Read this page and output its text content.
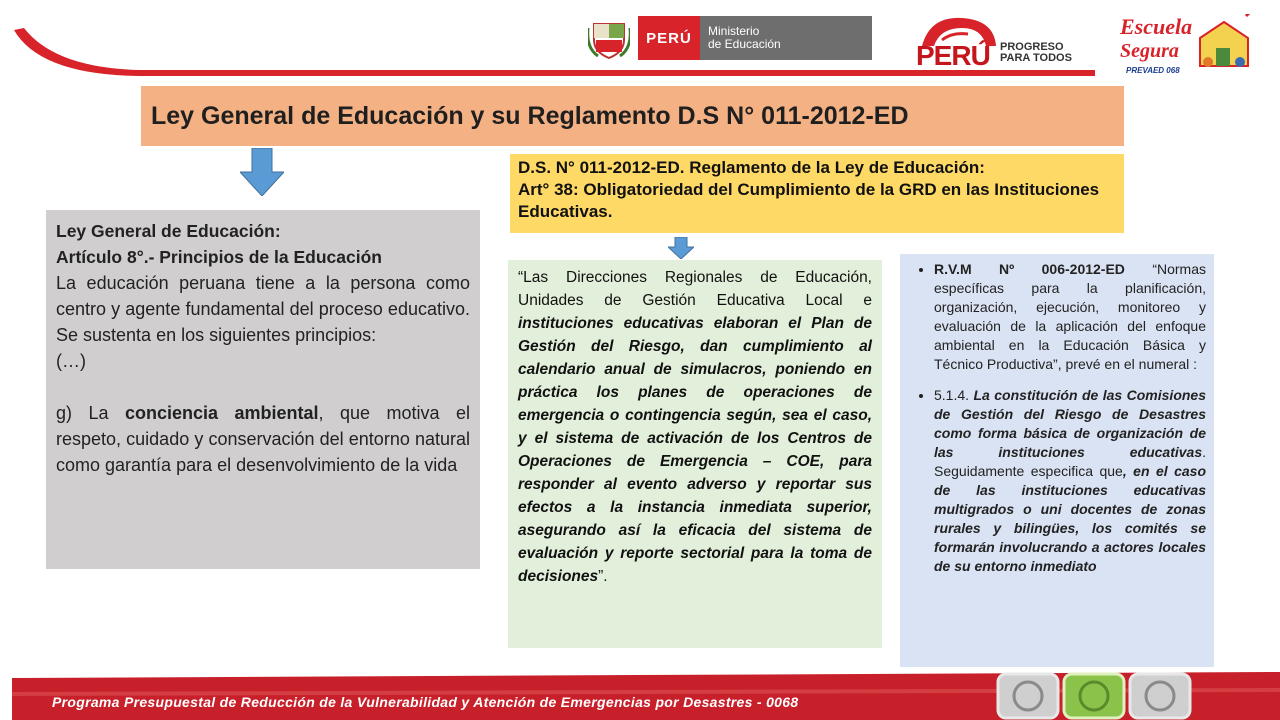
PERÚ	Ministerio
de Educación	PERÚ PROGRESO
PARA TODOS
Escuela
Segura
PREVAED 068
Ley General de Educación y su Reglamento D.S N° 011-2012-ED
D.S. N° 011-2012-ED. Reglamento de la Ley de Educación:
Art° 38: Obligatoriedad del Cumplimiento de la GRD en las Instituciones Educativas.

Ley General de Educación:

Artículo 8°.- Principios de la Educación

La educación peruana tiene a la persona como centro y agente fundamental del proceso educativo. Se sustenta en los siguientes principios:

(…)

g) La conciencia ambiental, que motiva el respeto, cuidado y conservación del entorno natural como garantía para el desenvolvimiento de la vida

“Las Direcciones Regionales de Educación, Unidades de Gestión Educativa Local e instituciones educativas elaboran el Plan de Gestión del Riesgo, dan cumplimiento al calendario anual de simulacros, poniendo en práctica los planes de operaciones de emergencia o contingencia según, sea el caso, y el sistema de activación de los Centros de Operaciones de Emergencia – COE, para responder al evento adverso y reportar sus efectos a la instancia inmediata superior, asegurando así la eficacia del sistema de evaluación y reporte sectorial para la toma de decisiones”.
• R.V.M Nº 006-2012-ED “Normas específicas para la planificación, organización, ejecución, monitoreo y evaluación de la aplicación del enfoque ambiental en la Educación Básica y Técnico Productiva”, prevé en el numeral :
• 5.1.4. La constitución de las Comisiones de Gestión del Riesgo de Desastres como forma básica de organización de las instituciones educativas. Seguidamente especifica que, en el caso de las instituciones educativas multigrados o uni docentes de zonas rurales y bilingües, los comités se formarán involucrando a actores locales de su entorno inmediato
Programa Presupuestal de Reducción de la Vulnerabilidad y Atención de Emergencias por Desastres - 0068
